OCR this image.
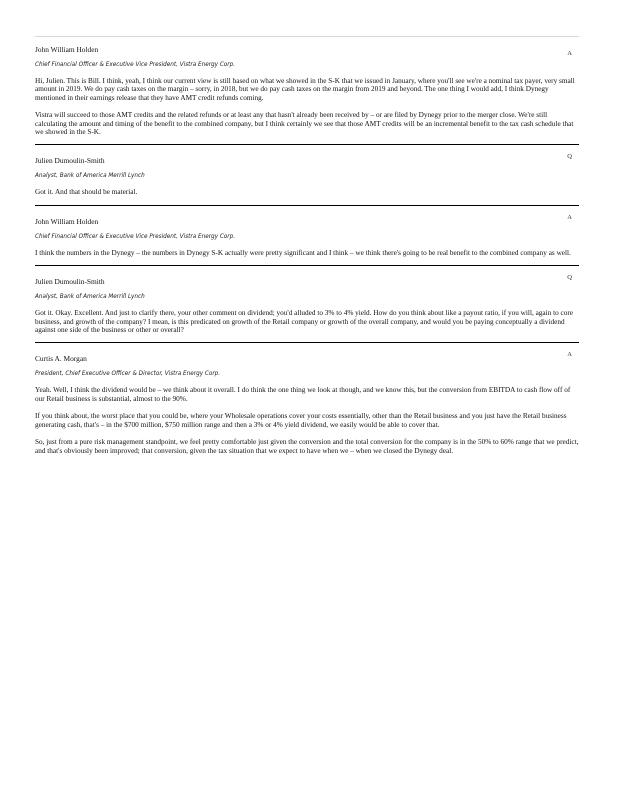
John William Holden
Chief Financial Officer & Executive Vice President, Vistra Energy Corp.
A

Hi, Julien. This is Bill. I think, yeah, I think our current view is still based on what we showed in the S-K that we issued in January, where you'll see we're a nominal tax payer, very small amount in 2019. We do pay cash taxes on the margin – sorry, in 2018, but we do pay cash taxes on the margin from 2019 and beyond. The one thing I would add, I think Dynegy mentioned in their earnings release that they have AMT credit refunds coming.

Vistra will succeed to those AMT credits and the related refunds or at least any that hasn't already been received by – or are filed by Dynegy prior to the merger close. We're still calculating the amount and timing of the benefit to the combined company, but I think certainly we see that those AMT credits will be an incremental benefit to the tax cash schedule that we showed in the S-K.

Julien Dumoulin-Smith
Analyst, Bank of America Merrill Lynch
Q

Got it. And that should be material.

John William Holden
Chief Financial Officer & Executive Vice President, Vistra Energy Corp.
A

I think the numbers in the Dynegy – the numbers in Dynegy S-K actually were pretty significant and I think – we think there's going to be real benefit to the combined company as well.

Julien Dumoulin-Smith
Analyst, Bank of America Merrill Lynch
Q

Got it. Okay. Excellent. And just to clarify there, your other comment on dividend; you'd alluded to 3% to 4% yield. How do you think about like a payout ratio, if you will, again to core business, and growth of the company? I mean, is this predicated on growth of the Retail company or growth of the overall company, and would you be paying conceptually a dividend against one side of the business or other or overall?

Curtis A. Morgan
President, Chief Executive Officer & Director, Vistra Energy Corp.
A

Yeah. Well, I think the dividend would be – we think about it overall. I do think the one thing we look at though, and we know this, but the conversion from EBITDA to cash flow off of our Retail business is substantial, almost to the 90%.

If you think about, the worst place that you could be, where your Wholesale operations cover your costs essentially, other than the Retail business and you just have the Retail business generating cash, that's – in the $700 million, $750 million range and then a 3% or 4% yield dividend, we easily would be able to cover that.

So, just from a pure risk management standpoint, we feel pretty comfortable just given the conversion and the total conversion for the company is in the 50% to 60% range that we predict, and that's obviously been improved; that conversion, given the tax situation that we expect to have when we – when we closed the Dynegy deal.
